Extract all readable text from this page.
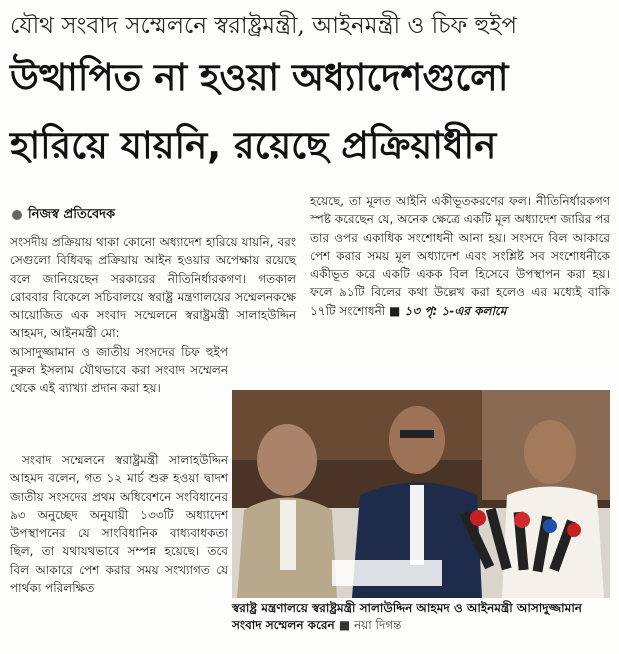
যৌথ সংবাদ সম্মেলনে স্বরাষ্ট্রমন্ত্রী, আইনমন্ত্রী ও চিফ হুইপ
উত্থাপিত না হওয়া অধ্যাদেশগুলো
হারিয়ে যায়নি, রয়েছে প্রক্রিয়াধীন
নিজস্ব প্রতিবেদক

সংসদীয় প্রক্রিয়ায় থাকা কোনো অধ্যাদেশ হারিয়ে যায়নি, বরং সেগুলো বিধিবদ্ধ প্রক্রিয়ায় আইন হওয়ার অপেক্ষায় রয়েছে বলে জানিয়েছেন সরকারের নীতিনির্ধারকগণ। গতকাল রোববার বিকেলে সচিবালয়ে স্বরাষ্ট্র মন্ত্রণালয়ের সম্মেলনকক্ষে আয়োজিত এক সংবাদ সম্মেলনে স্বরাষ্ট্রমন্ত্রী সালাহউদ্দিন আহমদ, আইনমন্ত্রী মো:

আসাদুজ্জামান ও জাতীয় সংসদের চিফ হুইপ নুরুল ইসলাম যৌথভাবে করা সংবাদ সম্মেলন থেকে এই ব্যাখ্যা প্রদান করা হয়।

সংবাদ সম্মেলনে স্বরাষ্ট্রমন্ত্রী সালাহউদ্দিন আহমদ বলেন, গত ১২ মার্চ শুরু হওয়া দ্বাদশ জাতীয় সংসদের প্রথম অধিবেশনে সংবিধানের ৯৩ অনুচ্ছেদ অনুযায়ী ১৩৩টি অধ্যাদেশ উপস্থাপনের যে সাংবিধানিক বাধ্যবাধকতা ছিল, তা যথাযথভাবে সম্পন্ন হয়েছে। তবে বিল আকারে পেশ করার সময় সংখ্যাগত যে পার্থক্য পরিলক্ষিত

হয়েছে, তা মূলত আইনি একীভূতকরণের ফল। নীতিনির্ধারকগণ স্পষ্ট করেছেন যে, অনেক ক্ষেত্রে একটি মূল অধ্যাদেশ জারির পর তার ওপর একাধিক সংশোধনী আনা হয়। সংসদে বিল আকারে পেশ করার সময় মূল অধ্যাদেশ এবং সংশ্লিষ্ট সব সংশোধনীকে একীভূত করে একটি একক বিল হিসেবে উপস্থাপন করা হয়। ফলে ৯১টি বিলের কথা উল্লেখ করা হলেও এর মধ্যেই বাকি ১৭টি সংশোধনী ■ ১৩ পৃ: ১-এর কলামে

স্বরাষ্ট্র মন্ত্রণালয়ে স্বরাষ্ট্রমন্ত্রী সালাউদ্দিন আহমদ ও আইনমন্ত্রী আসাদুজ্জামান সংবাদ সম্মেলন করেন ■ নয়া দিগন্ত
